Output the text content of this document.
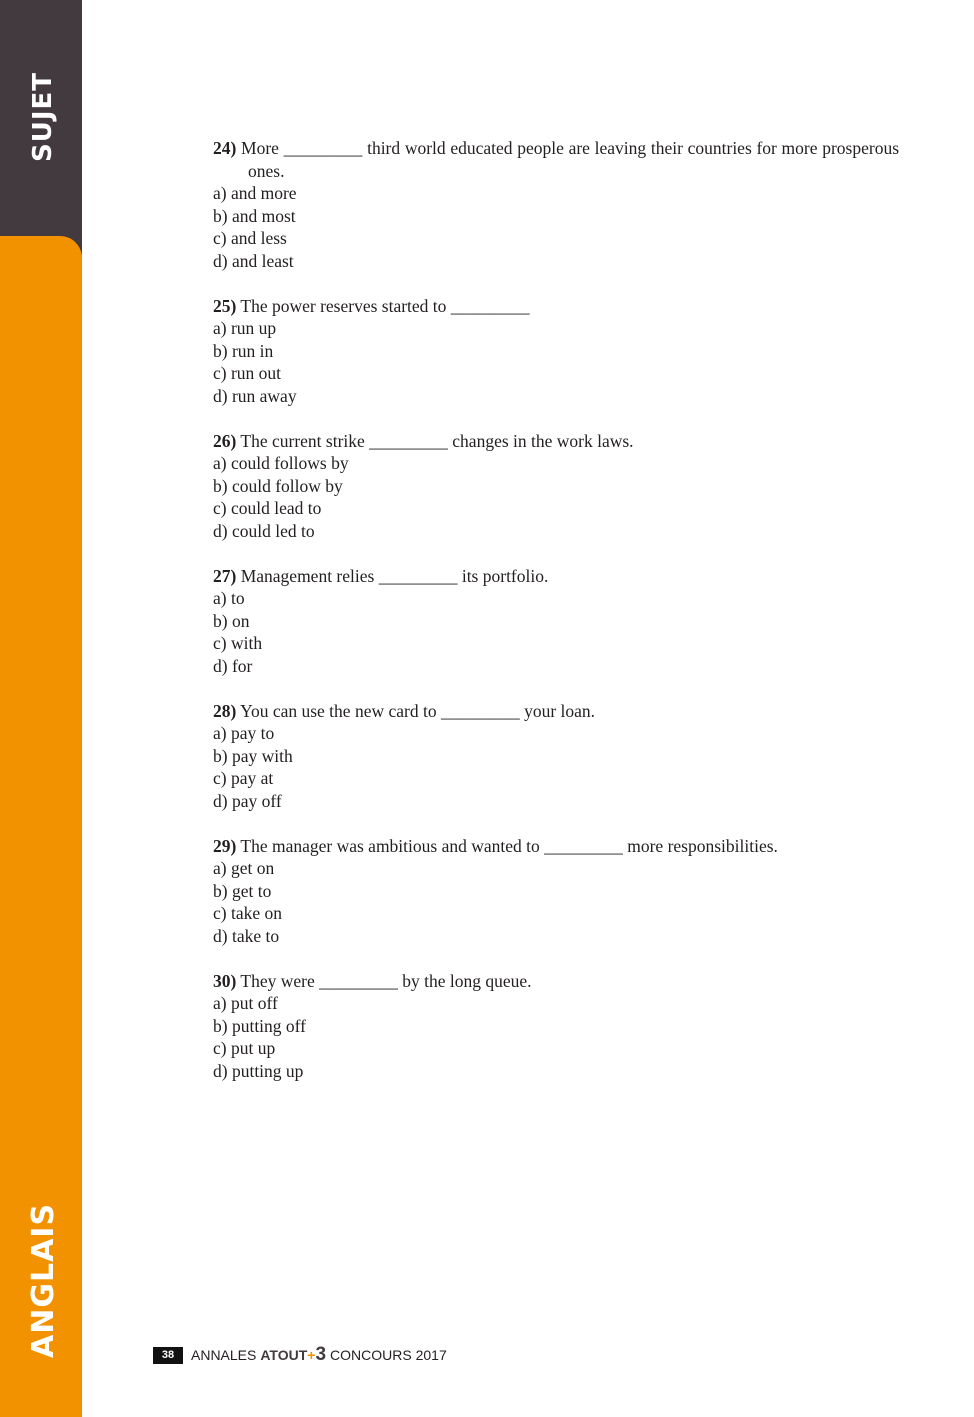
SUJET
ANGLAIS
24) More _________ third world educated people are leaving their countries for more prosperous ones.
a) and more
b) and most
c) and less
d) and least
25) The power reserves started to _________
a) run up
b) run in
c) run out
d) run away
26) The current strike _________ changes in the work laws.
a) could follows by
b) could follow by
c) could lead to
d) could led to
27) Management relies _________ its portfolio.
a) to
b) on
c) with
d) for
28) You can use the new card to _________ your loan.
a) pay to
b) pay with
c) pay at
d) pay off
29) The manager was ambitious and wanted to _________ more responsibilities.
a) get on
b) get to
c) take on
d) take to
30) They were _________ by the long queue.
a) put off
b) putting off
c) put up
d) putting up
38	ANNALES ATOUT+3 CONCOURS 2017
